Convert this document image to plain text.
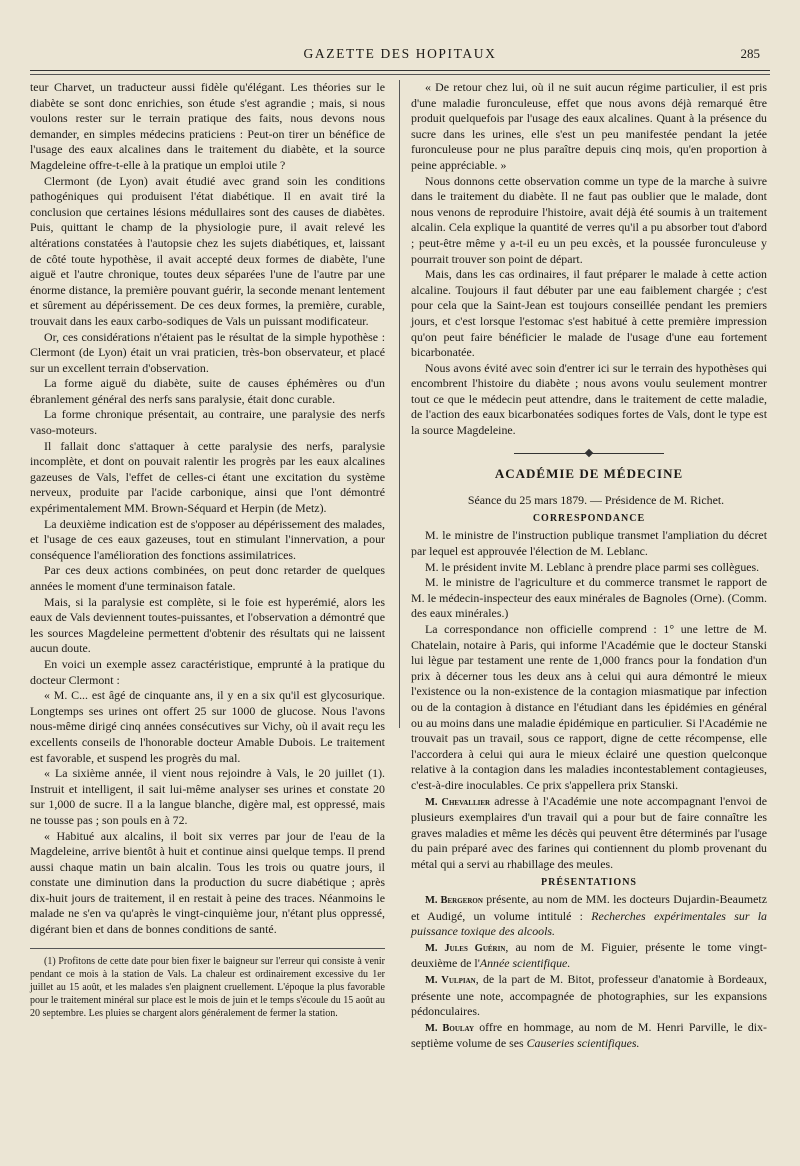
GAZETTE DES HOPITAUX	285

teur Charvet, un traducteur aussi fidèle qu'élégant. Les théories sur le diabète se sont donc enrichies, son étude s'est agrandie ; mais, si nous voulons rester sur le terrain pratique des faits, nous devons nous demander, en simples médecins praticiens : Peut-on tirer un bénéfice de l'usage des eaux alcalines dans le traitement du diabète, et la source Magdeleine offre-t-elle à la pratique un emploi utile ?

Clermont (de Lyon) avait étudié avec grand soin les conditions pathogéniques qui produisent l'état diabétique. Il en avait tiré la conclusion que certaines lésions médullaires sont des causes de diabètes. Puis, quittant le champ de la physiologie pure, il avait relevé les altérations constatées à l'autopsie chez les sujets diabétiques, et, laissant de côté toute hypothèse, il avait accepté deux formes de diabète, l'une aiguë et l'autre chronique, toutes deux séparées l'une de l'autre par une énorme distance, la première pouvant guérir, la seconde menant lentement et sûrement au dépérissement. De ces deux formes, la première, curable, trouvait dans les eaux carbo-sodiques de Vals un puissant modificateur.

Or, ces considérations n'étaient pas le résultat de la simple hypothèse : Clermont (de Lyon) était un vrai praticien, très-bon observateur, et placé sur un excellent terrain d'observation.

La forme aiguë du diabète, suite de causes éphémères ou d'un ébranlement général des nerfs sans paralysie, était donc curable.

La forme chronique présentait, au contraire, une paralysie des nerfs vaso-moteurs.

Il fallait donc s'attaquer à cette paralysie des nerfs, paralysie incomplète, et dont on pouvait ralentir les progrès par les eaux alcalines gazeuses de Vals, l'effet de celles-ci étant une excitation du système nerveux, produite par l'acide carbonique, ainsi que l'ont démontré expérimentalement MM. Brown-Séquard et Herpin (de Metz).

La deuxième indication est de s'opposer au dépérissement des malades, et l'usage de ces eaux gazeuses, tout en stimulant l'innervation, a pour conséquence l'amélioration des fonctions assimilatrices.

Par ces deux actions combinées, on peut donc retarder de quelques années le moment d'une terminaison fatale.

Mais, si la paralysie est complète, si le foie est hyperémié, alors les eaux de Vals deviennent toutes-puissantes, et l'observation a démontré que les sources Magdeleine permettent d'obtenir des résultats qui ne laissent aucun doute.

En voici un exemple assez caractéristique, emprunté à la pratique du docteur Clermont :

« M. C... est âgé de cinquante ans, il y en a six qu'il est glycosurique. Longtemps ses urines ont offert 25 sur 1000 de glucose. Nous l'avons nous-même dirigé cinq années consécutives sur Vichy, où il avait reçu les excellents conseils de l'honorable docteur Amable Dubois. Le traitement est favorable, et suspend les progrès du mal.

« La sixième année, il vient nous rejoindre à Vals, le 20 juillet (1). Instruit et intelligent, il sait lui-même analyser ses urines et constate 20 sur 1,000 de sucre. Il a la langue blanche, digère mal, est oppressé, mais ne tousse pas ; son pouls en à 72.

« Habitué aux alcalins, il boit six verres par jour de l'eau de la Magdeleine, arrive bientôt à huit et continue ainsi quelque temps. Il prend aussi chaque matin un bain alcalin. Tous les trois ou quatre jours, il constate une diminution dans la production du sucre diabétique ; après dix-huit jours de traitement, il en restait à peine des traces. Néanmoins le malade ne s'en va qu'après le vingt-cinquième jour, n'étant plus oppressé, digérant bien et dans de bonnes conditions de santé.

(1) Profitons de cette date pour bien fixer le baigneur sur l'erreur qui consiste à venir pendant ce mois à la station de Vals. La chaleur est ordinairement excessive du 1er juillet au 15 août, et les malades s'en plaignent cruellement. L'époque la plus favorable pour le traitement minéral sur place est le mois de juin et le temps s'écoule du 15 août au 20 septembre. Les pluies se chargent alors généralement de fermer la station.

« De retour chez lui, où il ne suit aucun régime particulier, il est pris d'une maladie furonculeuse, effet que nous avons déjà remarqué être produit quelquefois par l'usage des eaux alcalines. Quant à la présence du sucre dans les urines, elle s'est un peu manifestée pendant la jetée furonculeuse pour ne plus paraître depuis cinq mois, qu'en proportion à peine appréciable. »

Nous donnons cette observation comme un type de la marche à suivre dans le traitement du diabète. Il ne faut pas oublier que le malade, dont nous venons de reproduire l'histoire, avait déjà été soumis à un traitement alcalin. Cela explique la quantité de verres qu'il a pu absorber tout d'abord ; peut-être même y a-t-il eu un peu excès, et la poussée furonculeuse y pourrait trouver son point de départ.

Mais, dans les cas ordinaires, il faut préparer le malade à cette action alcaline. Toujours il faut débuter par une eau faiblement chargée ; c'est pour cela que la Saint-Jean est toujours conseillée pendant les premiers jours, et c'est lorsque l'estomac s'est habitué à cette première impression qu'on peut faire bénéficier le malade de l'usage d'une eau fortement bicarbonatée.

Nous avons évité avec soin d'entrer ici sur le terrain des hypothèses qui encombrent l'histoire du diabète ; nous avons voulu seulement montrer tout ce que le médecin peut attendre, dans le traitement de cette maladie, de l'action des eaux bicarbonatées sodiques fortes de Vals, dont le type est la source Magdeleine.

ACADÉMIE DE MÉDECINE

Séance du 25 mars 1879. — Présidence de M. Richet.

CORRESPONDANCE

M. le ministre de l'instruction publique transmet l'ampliation du décret par lequel est approuvée l'élection de M. Leblanc.

M. le président invite M. Leblanc à prendre place parmi ses collègues.

M. le ministre de l'agriculture et du commerce transmet le rapport de M. le médecin-inspecteur des eaux minérales de Bagnoles (Orne). (Comm. des eaux minérales.)

La correspondance non officielle comprend : 1° une lettre de M. Chatelain, notaire à Paris, qui informe l'Académie que le docteur Stanski lui lègue par testament une rente de 1,000 francs pour la fondation d'un prix à décerner tous les deux ans à celui qui aura démontré le mieux l'existence ou la non-existence de la contagion miasmatique par infection ou de la contagion à distance en l'étudiant dans les épidémies en général ou au moins dans une maladie épidémique en particulier. Si l'Académie ne trouvait pas un travail, sous ce rapport, digne de cette récompense, elle l'accordera à celui qui aura le mieux éclairé une question quelconque relative à la contagion dans les maladies incontestablement contagieuses, c'est-à-dire inoculables. Ce prix s'appellera prix Stanski.

M. Chevallier adresse à l'Académie une note accompagnant l'envoi de plusieurs exemplaires d'un travail qui a pour but de faire connaître les graves maladies et même les décès qui peuvent être déterminés par l'usage du pain préparé avec des farines qui contiennent du plomb provenant du métal qui a servi au rhabillage des meules.

PRÉSENTATIONS

M. Bergeron présente, au nom de MM. les docteurs Dujardin-Beaumetz et Audigé, un volume intitulé : Recherches expérimentales sur la puissance toxique des alcools.

M. Jules Guérin, au nom de M. Figuier, présente le tome vingt-deuxième de l'Année scientifique.

M. Vulpian, de la part de M. Bitot, professeur d'anatomie à Bordeaux, présente une note, accompagnée de photographies, sur les expansions pédonculaires.

M. Boulay offre en hommage, au nom de M. Henri Parville, le dix-septième volume de ses Causeries scientifiques.
